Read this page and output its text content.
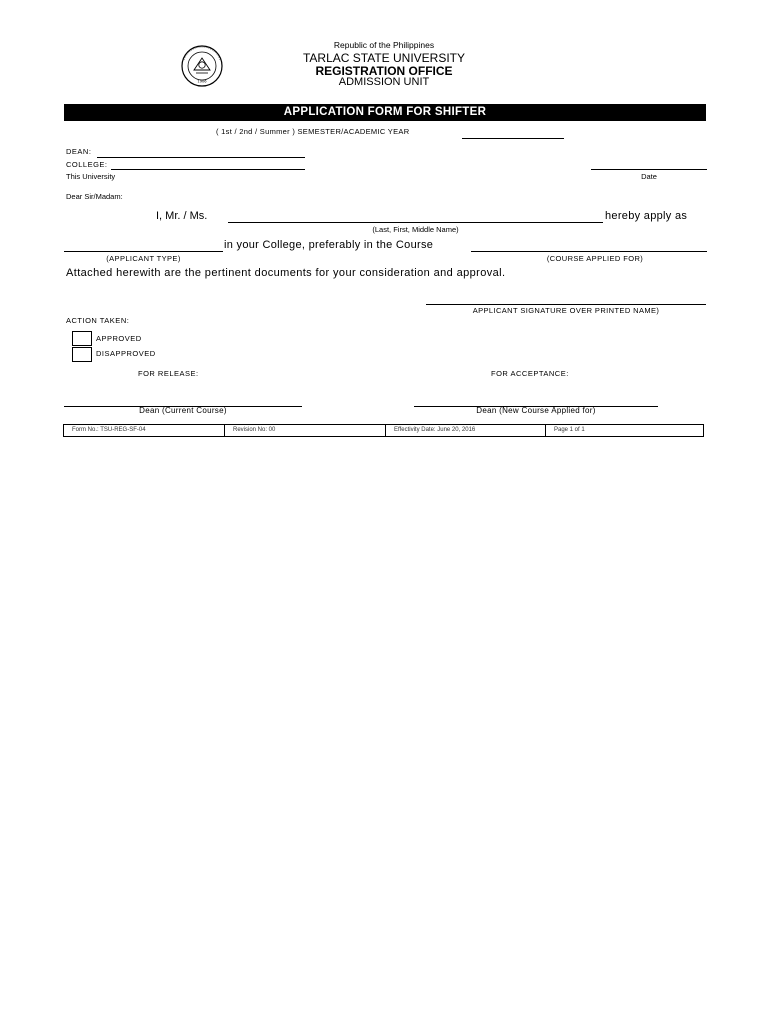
1906
Republic of the Philippines
TARLAC STATE UNIVERSITY
REGISTRATION OFFICE
ADMISSION UNIT
APPLICATION FORM FOR SHIFTER
( 1st / 2nd / Summer ) SEMESTER/ACADEMIC YEAR
DEAN:
COLLEGE:
This University	Date
Dear Sir/Madam:
I, Mr. / Ms.	hereby apply as
(Last, First, Middle Name)
in your College, preferably in the Course
(APPLICANT TYPE)	(COURSE APPLIED FOR)
Attached herewith are the pertinent documents for your consideration and approval.
APPLICANT SIGNATURE OVER PRINTED NAME)
ACTION TAKEN:
APPROVED
DISAPPROVED
FOR RELEASE:	FOR ACCEPTANCE:
Dean (Current Course)	Dean (New Course Applied for)
Form No.: TSU-REG-SF-04	Revision No: 00	Effectivity Date: June 20, 2016	Page 1 of 1
